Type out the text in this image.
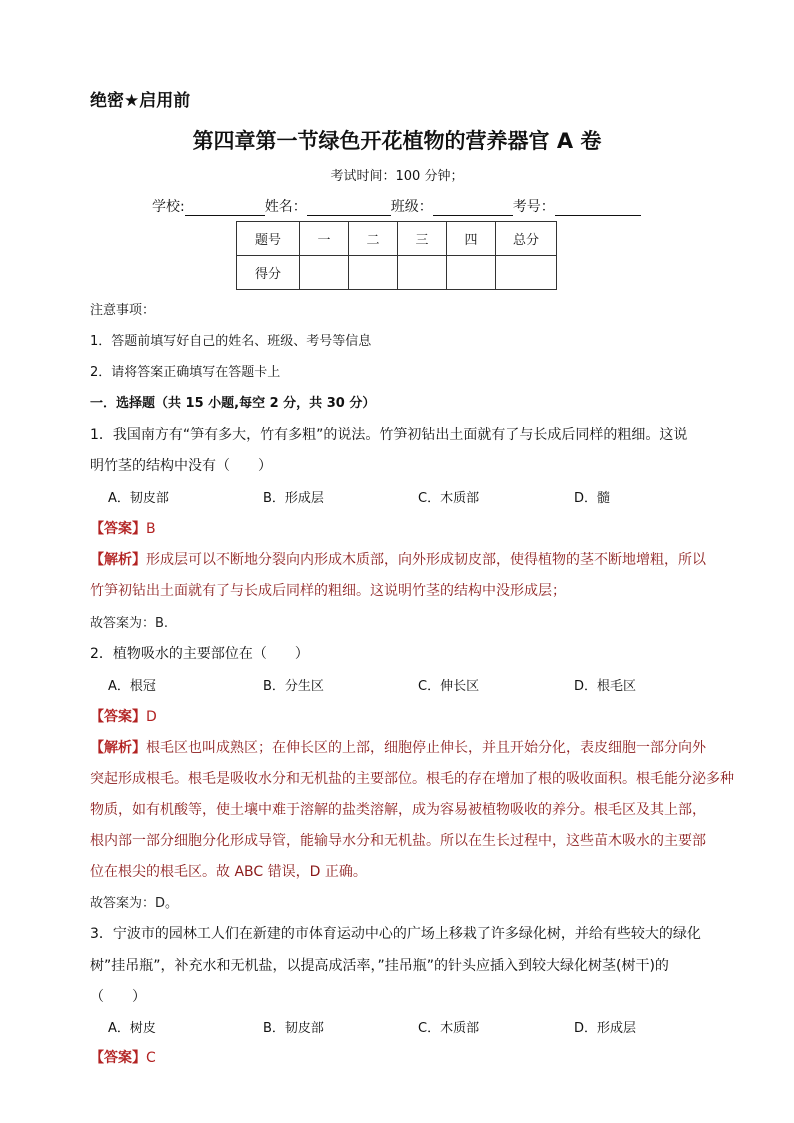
绝密★启用前
第四章第一节绿色开花植物的营养器官 A 卷
考试时间：100 分钟；
学校:	姓名：	班级：	考号：
题号	一	二	三	四	总分
得分					
注意事项：
1．答题前填写好自己的姓名、班级、考号等信息
2．请将答案正确填写在答题卡上
一．选择题（共 15 小题,每空 2 分，共 30 分）
1．我国南方有“笋有多大，竹有多粗”的说法。竹笋初钻出土面就有了与长成后同样的粗细。这说
明竹茎的结构中没有（　　）
A．韧皮部	B．形成层	C．木质部	D．髓
【答案】B
【解析】形成层可以不断地分裂向内形成木质部，向外形成韧皮部，使得植物的茎不断地增粗，所以
竹笋初钻出土面就有了与长成后同样的粗细。这说明竹茎的结构中没形成层；
故答案为：B.
2．植物吸水的主要部位在（　　）
A．根冠	B．分生区	C．伸长区	D．根毛区
【答案】D
【解析】根毛区也叫成熟区；在伸长区的上部，细胞停止伸长，并且开始分化，表皮细胞一部分向外
突起形成根毛。根毛是吸收水分和无机盐的主要部位。根毛的存在增加了根的吸收面积。根毛能分泌多种
物质，如有机酸等，使土壤中难于溶解的盐类溶解，成为容易被植物吸收的养分。根毛区及其上部，
根内部一部分细胞分化形成导管，能输导水分和无机盐。所以在生长过程中，这些苗木吸水的主要部
位在根尖的根毛区。故 ABC 错误，D 正确。
故答案为：D。
3．宁波市的园林工人们在新建的市体育运动中心的广场上移栽了许多绿化树，并给有些较大的绿化
树”挂吊瓶”，补充水和无机盐，以提高成活率，”挂吊瓶”的针头应插入到较大绿化树茎(树干)的
（　　）
A．树皮	B．韧皮部	C．木质部	D．形成层
【答案】C
